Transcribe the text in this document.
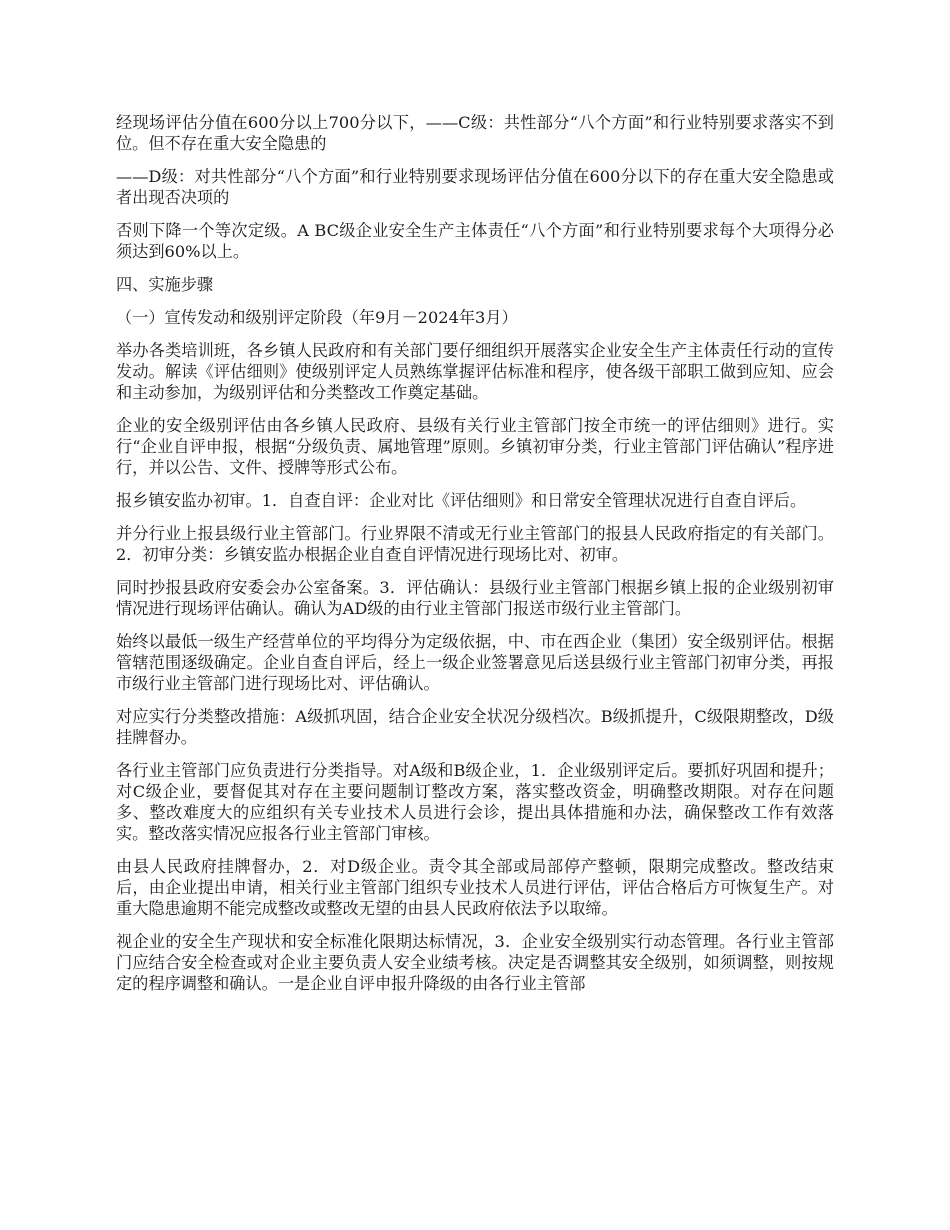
经现场评估分值在600分以上700分以下，——C级：共性部分“八个方面”和行业特别要求落实不到位。但不存在重大安全隐患的

——D级：对共性部分“八个方面”和行业特别要求现场评估分值在600分以下的存在重大安全隐患或者出现否决项的

否则下降一个等次定级。A BC级企业安全生产主体责任“八个方面”和行业特别要求每个大项得分必须达到60%以上。

四、实施步骤

（一）宣传发动和级别评定阶段（年9月－2024年3月）

举办各类培训班，各乡镇人民政府和有关部门要仔细组织开展落实企业安全生产主体责任行动的宣传发动。解读《评估细则》使级别评定人员熟练掌握评估标准和程序，使各级干部职工做到应知、应会和主动参加，为级别评估和分类整改工作奠定基础。

企业的安全级别评估由各乡镇人民政府、县级有关行业主管部门按全市统一的评估细则》进行。实行“企业自评申报，根据“分级负责、属地管理”原则。乡镇初审分类，行业主管部门评估确认”程序进行，并以公告、文件、授牌等形式公布。

报乡镇安监办初审。1．自查自评：企业对比《评估细则》和日常安全管理状况进行自查自评后。

并分行业上报县级行业主管部门。行业界限不清或无行业主管部门的报县人民政府指定的有关部门。2．初审分类：乡镇安监办根据企业自查自评情况进行现场比对、初审。

同时抄报县政府安委会办公室备案。3．评估确认：县级行业主管部门根据乡镇上报的企业级别初审情况进行现场评估确认。确认为AD级的由行业主管部门报送市级行业主管部门。

始终以最低一级生产经营单位的平均得分为定级依据，中、市在西企业（集团）安全级别评估。根据管辖范围逐级确定。企业自查自评后，经上一级企业签署意见后送县级行业主管部门初审分类，再报市级行业主管部门进行现场比对、评估确认。

对应实行分类整改措施：A级抓巩固，结合企业安全状况分级档次。B级抓提升，C级限期整改，D级挂牌督办。

各行业主管部门应负责进行分类指导。对A级和B级企业，1．企业级别评定后。要抓好巩固和提升；对C级企业，要督促其对存在主要问题制订整改方案，落实整改资金，明确整改期限。对存在问题多、整改难度大的应组织有关专业技术人员进行会诊，提出具体措施和办法，确保整改工作有效落实。整改落实情况应报各行业主管部门审核。

由县人民政府挂牌督办，2．对D级企业。责令其全部或局部停产整顿，限期完成整改。整改结束后，由企业提出申请，相关行业主管部门组织专业技术人员进行评估，评估合格后方可恢复生产。对重大隐患逾期不能完成整改或整改无望的由县人民政府依法予以取缔。

视企业的安全生产现状和安全标准化限期达标情况，3．企业安全级别实行动态管理。各行业主管部门应结合安全检查或对企业主要负责人安全业绩考核。决定是否调整其安全级别，如须调整，则按规定的程序调整和确认。一是企业自评申报升降级的由各行业主管部
